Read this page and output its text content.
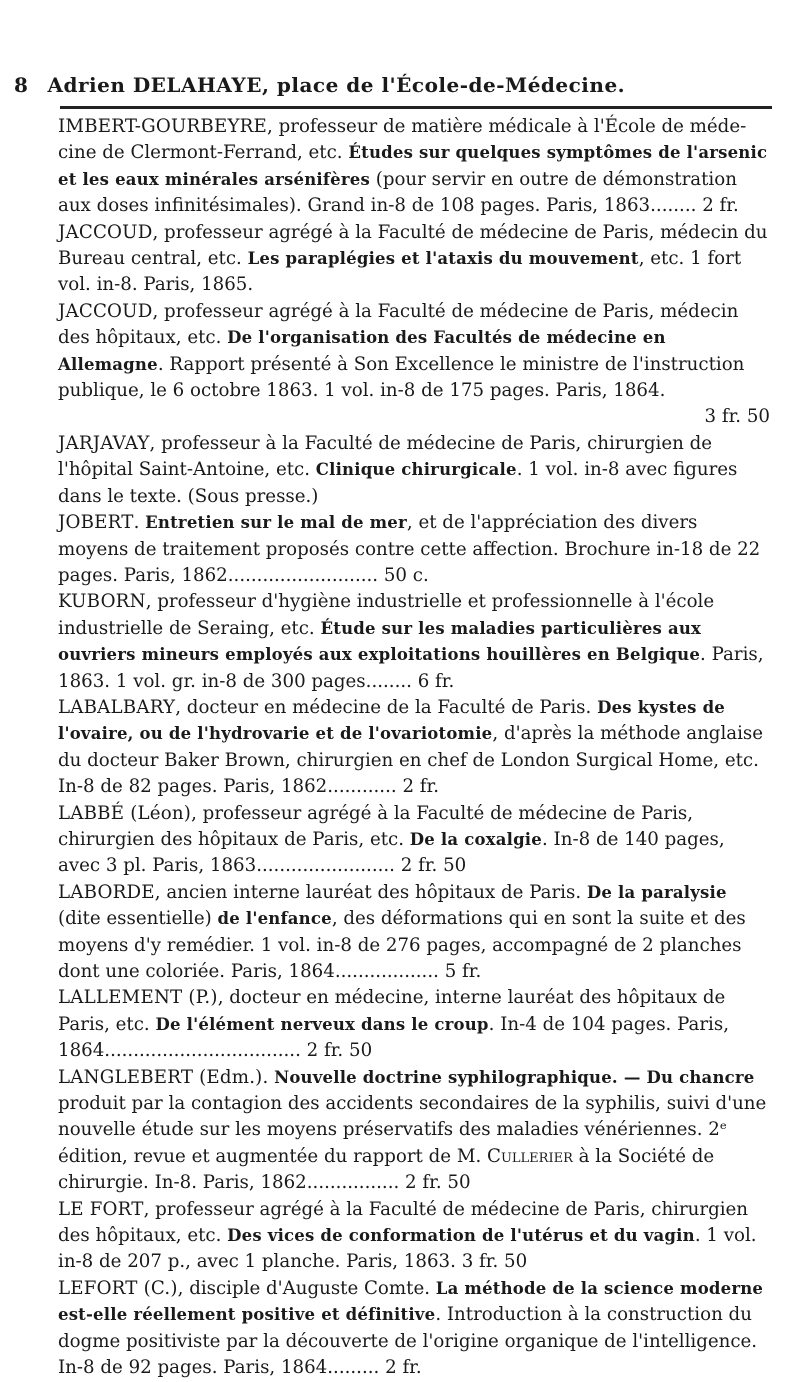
8 Adrien DELAHAYE, place de l'École-de-Médecine.

IMBERT-GOURBEYRE, professeur de matière médicale à l'École de médecine de Clermont-Ferrand, etc. Études sur quelques symptômes de l'arsenic et les eaux minérales arsénifères (pour servir en outre de démonstration aux doses infinitésimales). Grand in-8 de 108 pages. Paris, 1863........ 2 fr.

JACCOUD, professeur agrégé à la Faculté de médecine de Paris, médecin du Bureau central, etc. Les paraplégies et l'ataxis du mouvement, etc. 1 fort vol. in-8. Paris, 1865.

JACCOUD, professeur agrégé à la Faculté de médecine de Paris, médecin des hôpitaux, etc. De l'organisation des Facultés de médecine en Allemagne. Rapport présenté à Son Excellence le ministre de l'instruction publique, le 6 octobre 1863. 1 vol. in-8 de 175 pages. Paris, 1864.

3 fr. 50

JARJAVAY, professeur à la Faculté de médecine de Paris, chirurgien de l'hôpital Saint-Antoine, etc. Clinique chirurgicale. 1 vol. in-8 avec figures dans le texte. (Sous presse.)

JOBERT. Entretien sur le mal de mer, et de l'appréciation des divers moyens de traitement proposés contre cette affection. Brochure in-18 de 22 pages. Paris, 1862.......................... 50 c.

KUBORN, professeur d'hygiène industrielle et professionnelle à l'école industrielle de Seraing, etc. Étude sur les maladies particulières aux ouvriers mineurs employés aux exploitations houillères en Belgique. Paris, 1863. 1 vol. gr. in-8 de 300 pages........ 6 fr.

LABALBARY, docteur en médecine de la Faculté de Paris. Des kystes de l'ovaire, ou de l'hydrovarie et de l'ovariotomie, d'après la méthode anglaise du docteur Baker Brown, chirurgien en chef de London Surgical Home, etc. In-8 de 82 pages. Paris, 1862............ 2 fr.

LABBÉ (Léon), professeur agrégé à la Faculté de médecine de Paris, chirurgien des hôpitaux de Paris, etc. De la coxalgie. In-8 de 140 pages, avec 3 pl. Paris, 1863........................ 2 fr. 50

LABORDE, ancien interne lauréat des hôpitaux de Paris. De la paralysie (dite essentielle) de l'enfance, des déformations qui en sont la suite et des moyens d'y remédier. 1 vol. in-8 de 276 pages, accompagné de 2 planches dont une coloriée. Paris, 1864.................. 5 fr.

LALLEMENT (P.), docteur en médecine, interne lauréat des hôpitaux de Paris, etc. De l'élément nerveux dans le croup. In-4 de 104 pages. Paris, 1864.................................. 2 fr. 50

LANGLEBERT (Edm.). Nouvelle doctrine syphilographique. — Du chancre produit par la contagion des accidents secondaires de la syphilis, suivi d'une nouvelle étude sur les moyens préservatifs des maladies vénériennes. 2ᵉ édition, revue et augmentée du rapport de M. Cullerier à la Société de chirurgie. In-8. Paris, 1862................ 2 fr. 50

LE FORT, professeur agrégé à la Faculté de médecine de Paris, chirurgien des hôpitaux, etc. Des vices de conformation de l'utérus et du vagin. 1 vol. in-8 de 207 p., avec 1 planche. Paris, 1863. 3 fr. 50

LEFORT (C.), disciple d'Auguste Comte. La méthode de la science moderne est-elle réellement positive et définitive. Introduction à la construction du dogme positiviste par la découverte de l'origine organique de l'intelligence. In-8 de 92 pages. Paris, 1864......... 2 fr.
